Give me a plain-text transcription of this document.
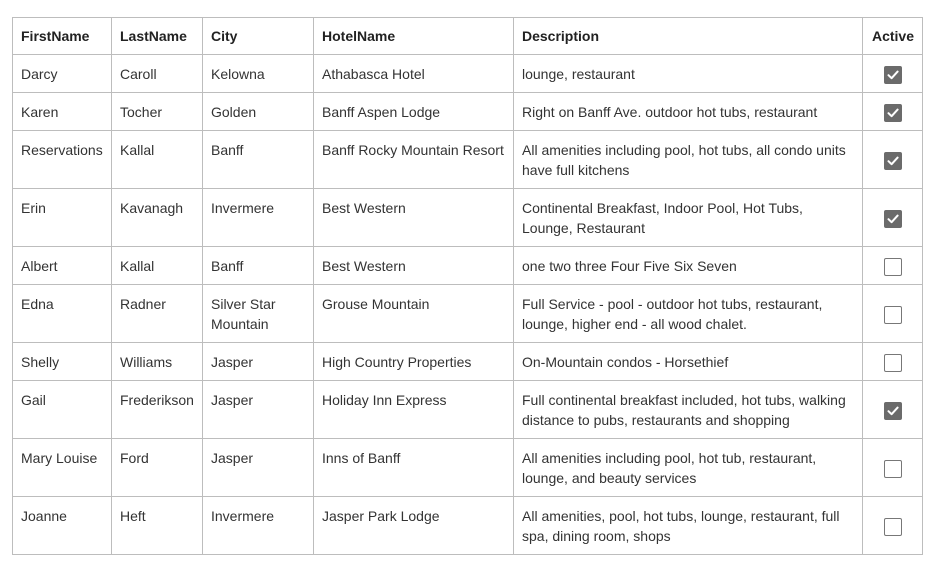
FirstName	LastName	City	HotelName	Description	Active
Darcy	Caroll	Kelowna	Athabasca Hotel	lounge, restaurant	

Karen	Tocher	Golden	Banff Aspen Lodge	Right on Banff Ave. outdoor hot tubs, restaurant	

Reservations	Kallal	Banff	Banff Rocky Mountain Resort	All amenities including pool, hot tubs, all condo units have full kitchens	

Erin	Kavanagh	Invermere	Best Western	Continental Breakfast, Indoor Pool, Hot Tubs, Lounge, Restaurant	

Albert	Kallal	Banff	Best Western	one two three Four Five Six Seven	
Edna	Radner	Silver Star Mountain	Grouse Mountain	Full Service - pool - outdoor hot tubs, restaurant, lounge, higher end - all wood chalet.	
Shelly	Williams	Jasper	High Country Properties	On-Mountain condos - Horsethief	
Gail	Frederikson	Jasper	Holiday Inn Express	Full continental breakfast included, hot tubs, walking distance to pubs, restaurants and shopping	

Mary Louise	Ford	Jasper	Inns of Banff	All amenities including pool, hot tub, restaurant, lounge, and beauty services	
Joanne	Heft	Invermere	Jasper Park Lodge	All amenities, pool, hot tubs, lounge, restaurant, full spa, dining room, shops	
